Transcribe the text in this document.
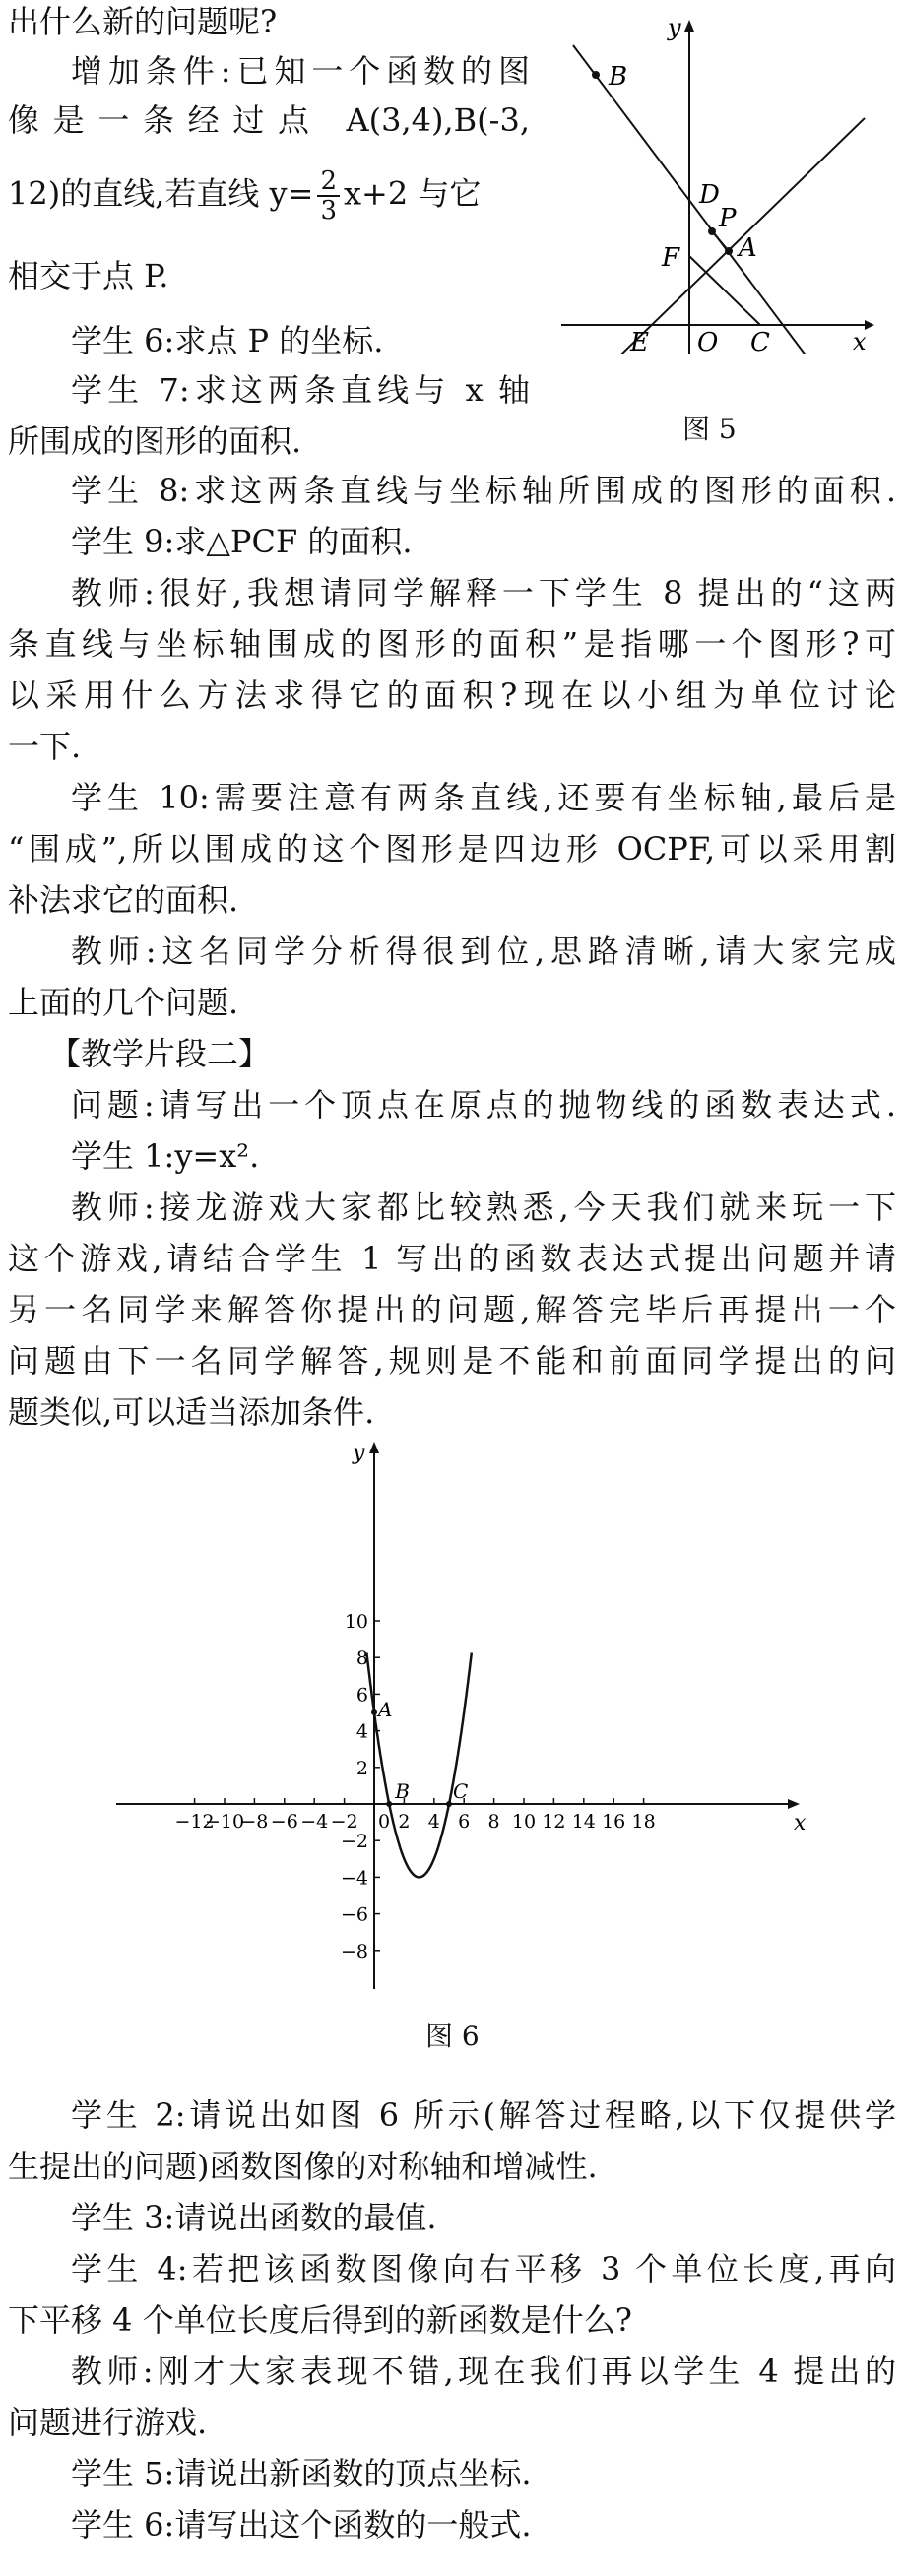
出什么新的问题呢?
增加条件:已知一个函数的图
像是一条经过点 A(3,4),B(-3,
12)的直线,若直线 $y= \frac{2}{3} x+2$ 与它
相交于点 P.
学生 6:求点 P 的坐标.
学生 7:求这两条直线与 x 轴
所围成的图形的面积.
学生 8:求这两条直线与坐标轴所围成的图形的面积.
学生 9:求△PCF 的面积.
教师:很好,我想请同学解释一下学生 8 提出的“这两
条直线与坐标轴围成的图形的面积”是指哪一个图形?可
以采用什么方法求得它的面积?现在以小组为单位讨论
一下.
学生 10:需要注意有两条直线,还要有坐标轴,最后是
“围成”,所以围成的这个图形是四边形 OCPF,可以采用割
补法求它的面积.
教师:这名同学分析得很到位,思路清晰,请大家完成
上面的几个问题.
【教学片段二】
问题:请写出一个顶点在原点的抛物线的函数表达式.
学生 1:y=x².
教师:接龙游戏大家都比较熟悉,今天我们就来玩一下
这个游戏,请结合学生 1 写出的函数表达式提出问题并请
另一名同学来解答你提出的问题,解答完毕后再提出一个
问题由下一名同学解答,规则是不能和前面同学提出的问
题类似,可以适当添加条件.
y
x
B
D
P
A
F
E O C
图 5
x
y
−12
−10
−8 −6 −4 −2 0 2 4 6 8 10 12 14 16 18
10
8
6
4
2
−2
−4
−6
−8
A
B C
图 6
学生 2:请说出如图 6 所示(解答过程略,以下仅提供学
生提出的问题)函数图像的对称轴和增减性.
学生 3:请说出函数的最值.
学生 4:若把该函数图像向右平移 3 个单位长度,再向
下平移 4 个单位长度后得到的新函数是什么?
教师:刚才大家表现不错,现在我们再以学生 4 提出的
问题进行游戏.
学生 5:请说出新函数的顶点坐标.
学生 6:请写出这个函数的一般式.
